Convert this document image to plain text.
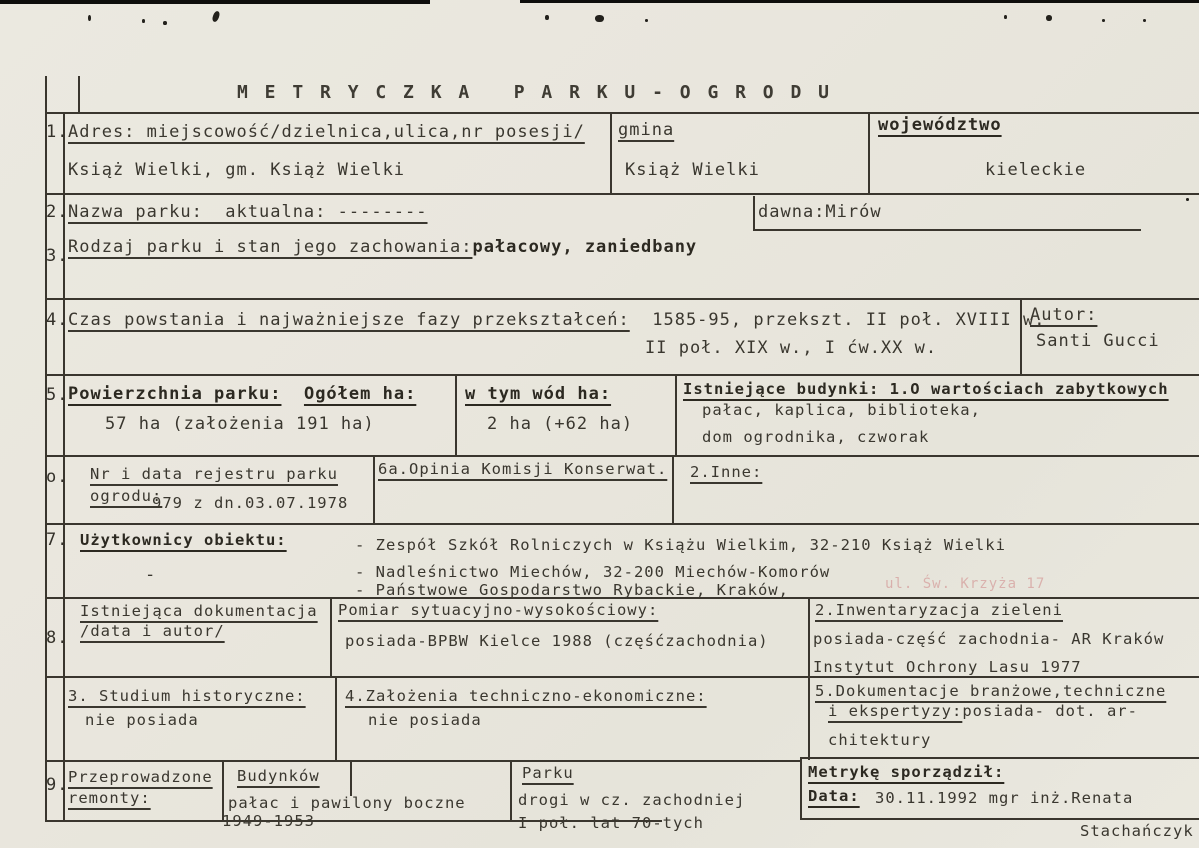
M E T R Y C Z K A   P A R K U - O G R O D U
1. Adres: miejscowość/dzielnica,ulica,nr posesji/
Książ Wielki, gm. Książ Wielki
gmina
Książ Wielki
województwo
kieleckie
2. Nazwa parku:  aktualna: --------	dawna:Mirów
3. Rodzaj parku i stan jego zachowania:pałacowy, zaniedbany
4. Czas powstania i najważniejsze fazy przekształceń: 1585-95, przekszt. II poł. XVIII w.
II poł. XIX w., I ćw.XX w.
Autor:
Santi Gucci
5. Powierzchnia parku: Ogółem ha:
57 ha (założenia 191 ha)
w tym wód ha:
2 ha (+62 ha)
Istniejące budynki: 1.O wartościach zabytkowych
pałac, kaplica, biblioteka,
dom ogrodnika, czworak
o. Nr i data rejestru parku
ogrodu:
979 z dn.03.07.1978
6a.Opinia Komisji Konserwat. 2.Inne:
7. Użytkownicy obiektu:
-
- Zespół Szkół Rolniczych w Książu Wielkim, 32-210 Książ Wielki
- Nadleśnictwo Miechów, 32-200 Miechów-Komorów
- Państwowe Gospodarstwo Rybackie, Kraków,	ul. Św. Krzyża 17
8.
Istniejąca dokumentacja
/data i autor/
Pomiar sytuacyjno-wysokościowy:
posiada-BPBW Kielce 1988 (częśćzachodnia)
2.Inwentaryzacja zieleni
posiada-część zachodnia- AR Kraków
Instytut Ochrony Lasu 1977
3. Studium historyczne:
nie posiada
4.Założenia techniczno-ekonomiczne:
nie posiada
5.Dokumentacje branżowe,techniczne
i ekspertyzy:posiada- dot. ar-
chitektury
9. Przeprowadzone
remonty:
Budynków
pałac i pawilony boczne
1949-1953
Parku
drogi w cz. zachodniej
I poł. lat 70-tych
Metrykę sporządził:
Data: 30.11.1992 mgr inż.Renata
Stachańczyk
